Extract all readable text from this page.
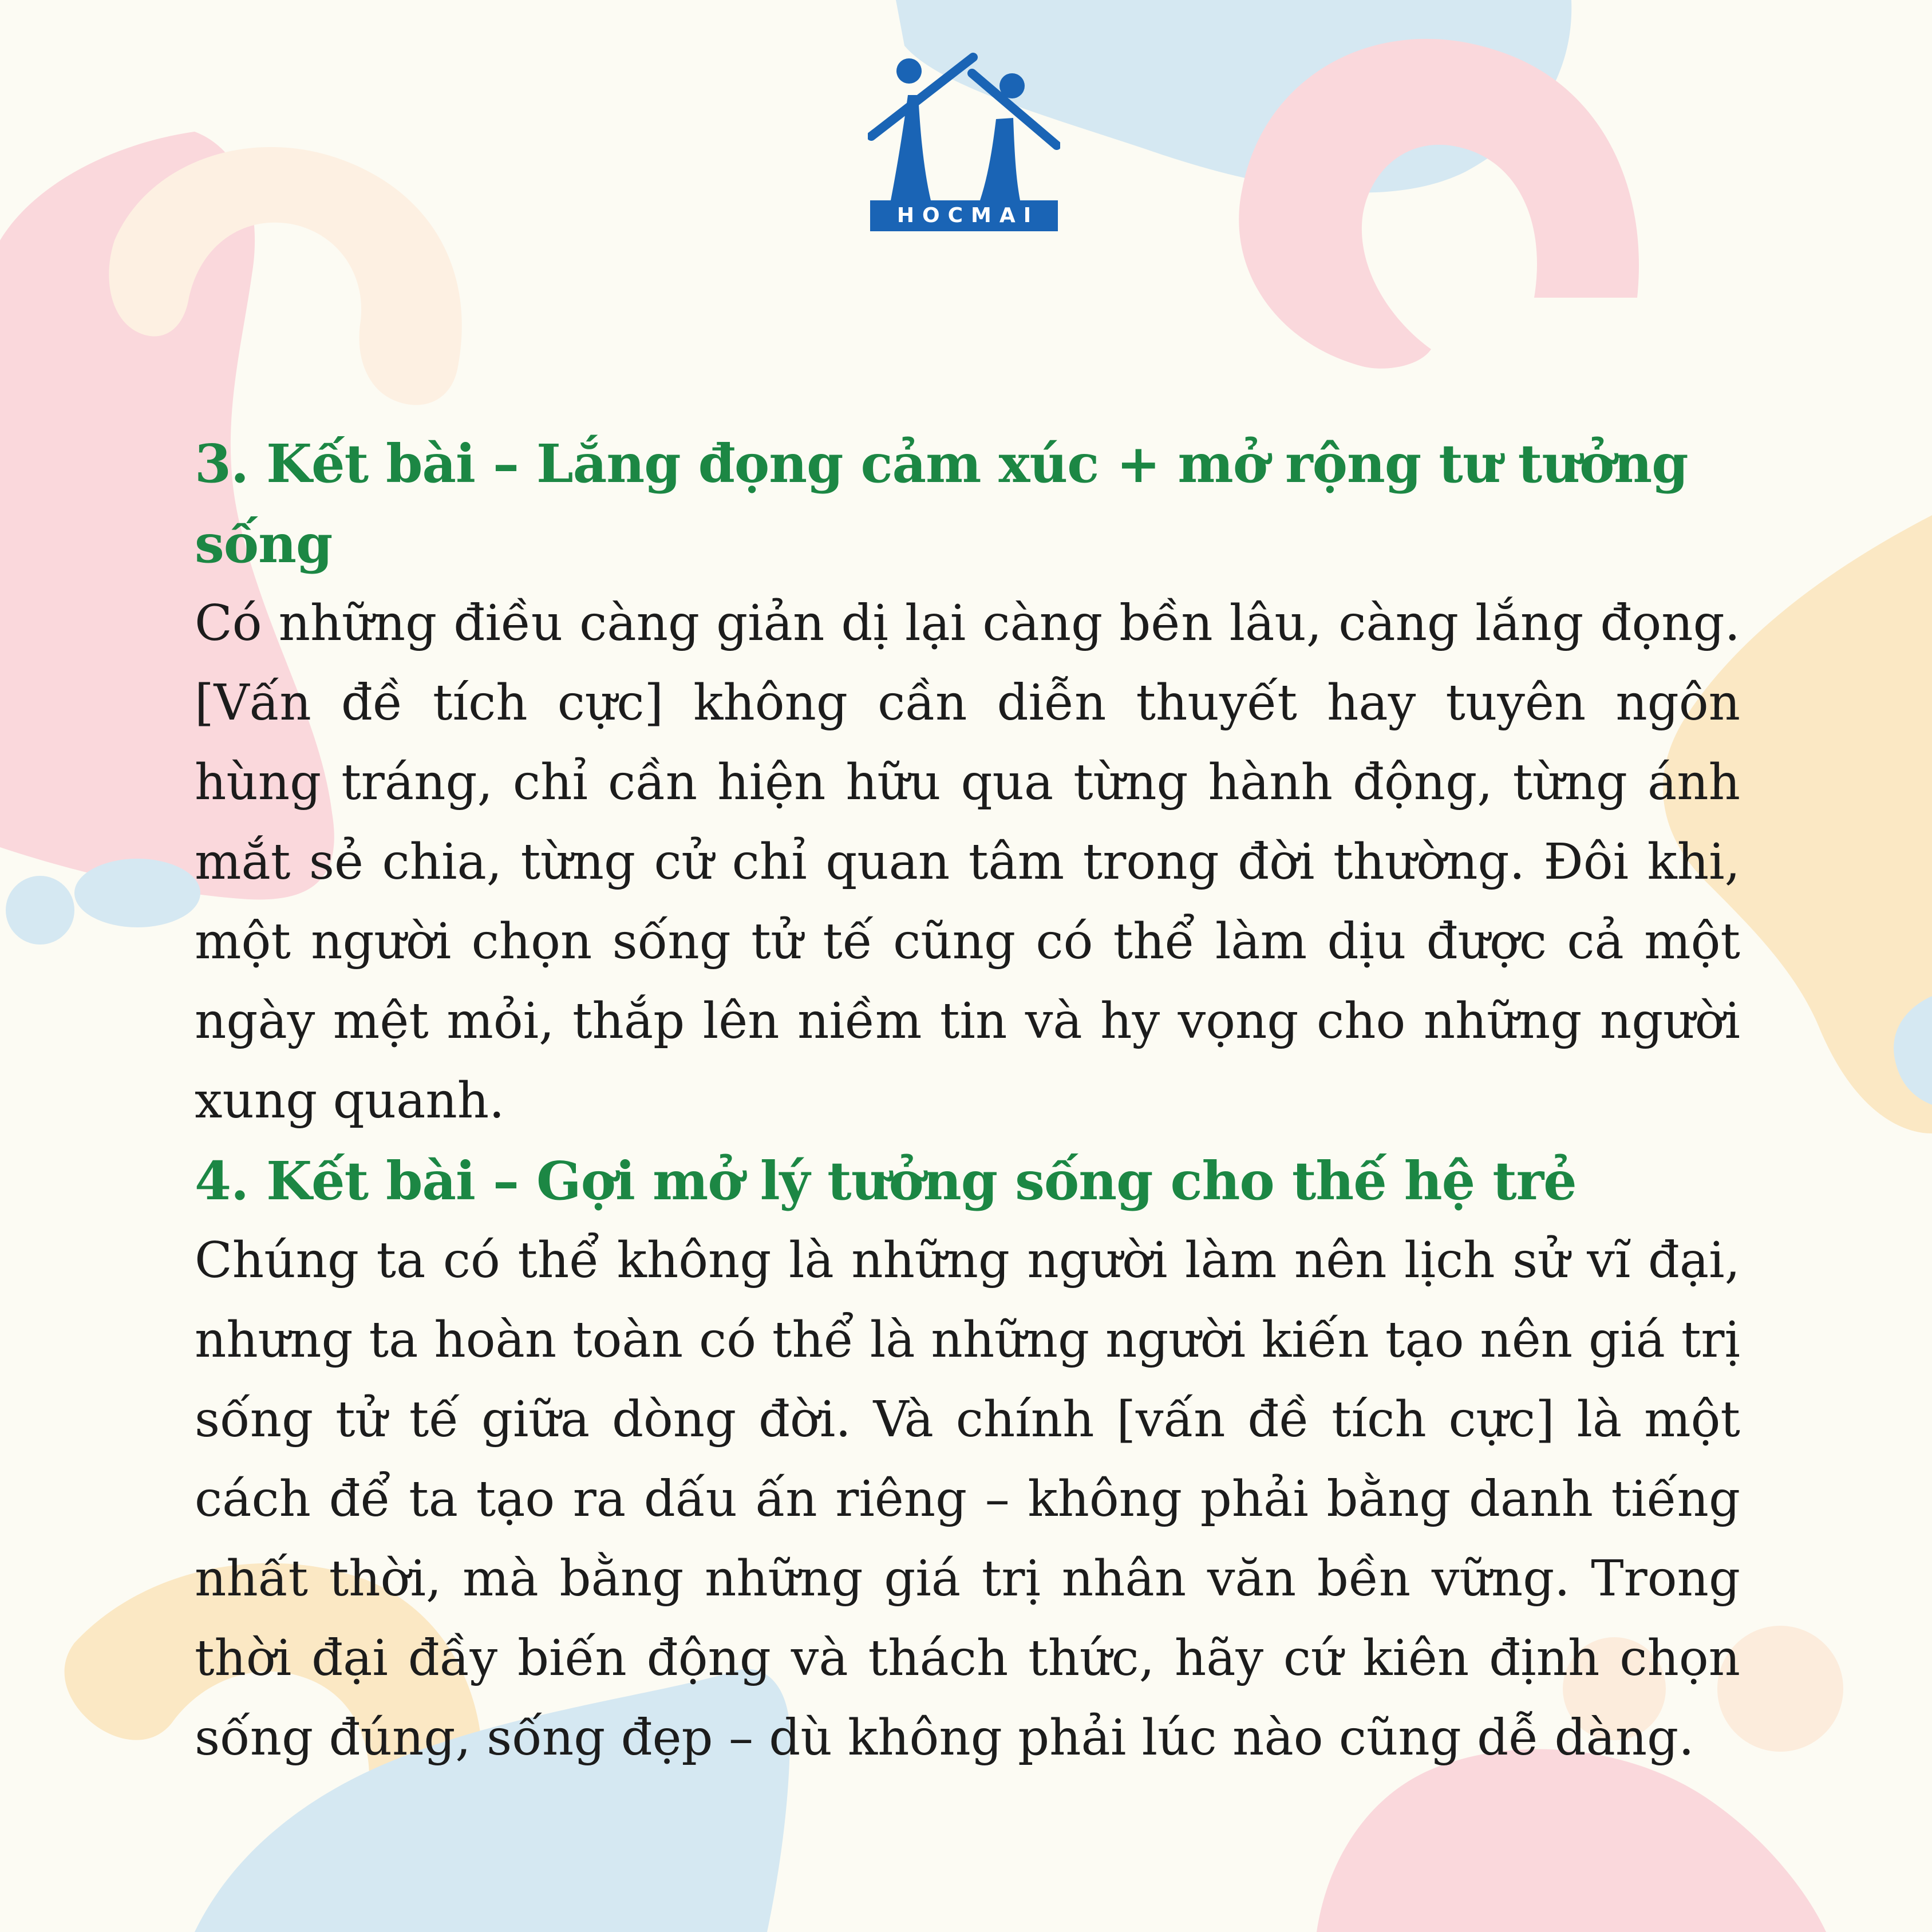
HOCMAI

3. Kết bài – Lắng đọng cảm xúc + mở rộng tư tưởng sống

Có những điều càng giản dị lại càng bền lâu, càng lắng đọng. [Vấn đề tích cực] không cần diễn thuyết hay tuyên ngôn hùng tráng, chỉ cần hiện hữu qua từng hành động, từng ánh mắt sẻ chia, từng cử chỉ quan tâm trong đời thường. Đôi khi, một người chọn sống tử tế cũng có thể làm dịu được cả một ngày mệt mỏi, thắp lên niềm tin và hy vọng cho những người xung quanh.

4. Kết bài – Gợi mở lý tưởng sống cho thế hệ trẻ

Chúng ta có thể không là những người làm nên lịch sử vĩ đại, nhưng ta hoàn toàn có thể là những người kiến tạo nên giá trị sống tử tế giữa dòng đời. Và chính [vấn đề tích cực] là một cách để ta tạo ra dấu ấn riêng – không phải bằng danh tiếng nhất thời, mà bằng những giá trị nhân văn bền vững. Trong thời đại đầy biến động và thách thức, hãy cứ kiên định chọn sống đúng, sống đẹp – dù không phải lúc nào cũng dễ dàng.
